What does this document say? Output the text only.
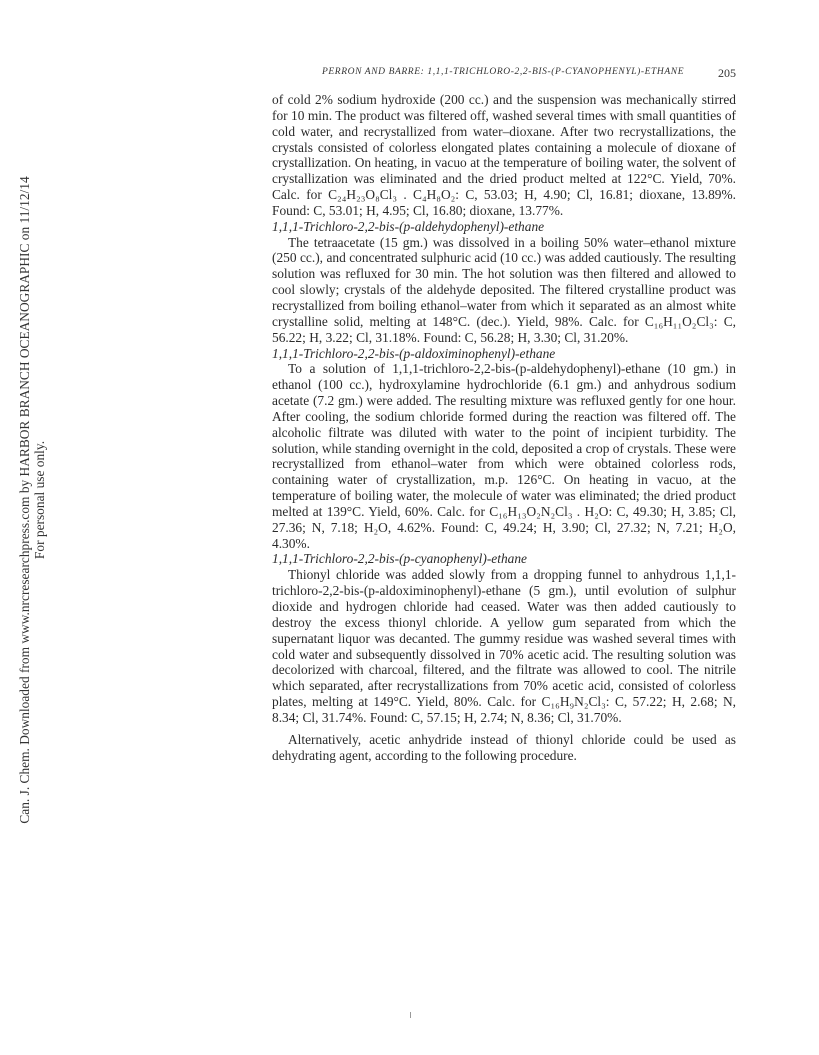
Can. J. Chem. Downloaded from www.nrcresearchpress.com by HARBOR BRANCH OCEANOGRAPHIC on 11/12/14 For personal use only.
PERRON AND BARRE: 1,1,1-TRICHLORO-2,2-BIS-(P-CYANOPHENYL)-ETHANE	205

of cold 2% sodium hydroxide (200 cc.) and the suspension was mechanically stirred for 10 min. The product was filtered off, washed several times with small quantities of cold water, and recrystallized from water–dioxane. After two recrystallizations, the crystals consisted of colorless elongated plates containing a molecule of dioxane of crystallization. On heating, in vacuo at the temperature of boiling water, the solvent of crystallization was eliminated and the dried product melted at 122°C. Yield, 70%. Calc. for C₂₄H₂₃O₈Cl₃ . C₄H₈O₂: C, 53.03; H, 4.90; Cl, 16.81; dioxane, 13.89%. Found: C, 53.01; H, 4.95; Cl, 16.80; dioxane, 13.77%.

1,1,1-Trichloro-2,2-bis-(p-aldehydophenyl)-ethane

The tetraacetate (15 gm.) was dissolved in a boiling 50% water–ethanol mixture (250 cc.), and concentrated sulphuric acid (10 cc.) was added cautiously. The resulting solution was refluxed for 30 min. The hot solution was then filtered and allowed to cool slowly; crystals of the aldehyde deposited. The filtered crystalline product was recrystallized from boiling ethanol–water from which it separated as an almost white crystalline solid, melting at 148°C. (dec.). Yield, 98%. Calc. for C₁₆H₁₁O₂Cl₃: C, 56.22; H, 3.22; Cl, 31.18%. Found: C, 56.28; H, 3.30; Cl, 31.20%.

1,1,1-Trichloro-2,2-bis-(p-aldoximinophenyl)-ethane

To a solution of 1,1,1-trichloro-2,2-bis-(p-aldehydophenyl)-ethane (10 gm.) in ethanol (100 cc.), hydroxylamine hydrochloride (6.1 gm.) and anhydrous sodium acetate (7.2 gm.) were added. The resulting mixture was refluxed gently for one hour. After cooling, the sodium chloride formed during the reaction was filtered off. The alcoholic filtrate was diluted with water to the point of incipient turbidity. The solution, while standing overnight in the cold, deposited a crop of crystals. These were recrystallized from ethanol–water from which were obtained colorless rods, containing water of crystallization, m.p. 126°C. On heating in vacuo, at the temperature of boiling water, the molecule of water was eliminated; the dried product melted at 139°C. Yield, 60%. Calc. for C₁₆H₁₃O₂N₂Cl₃ . H₂O: C, 49.30; H, 3.85; Cl, 27.36; N, 7.18; H₂O, 4.62%. Found: C, 49.24; H, 3.90; Cl, 27.32; N, 7.21; H₂O, 4.30%.

1,1,1-Trichloro-2,2-bis-(p-cyanophenyl)-ethane

Thionyl chloride was added slowly from a dropping funnel to anhydrous 1,1,1-trichloro-2,2-bis-(p-aldoximinophenyl)-ethane (5 gm.), until evolution of sulphur dioxide and hydrogen chloride had ceased. Water was then added cautiously to destroy the excess thionyl chloride. A yellow gum separated from which the supernatant liquor was decanted. The gummy residue was washed several times with cold water and subsequently dissolved in 70% acetic acid. The resulting solution was decolorized with charcoal, filtered, and the filtrate was allowed to cool. The nitrile which separated, after recrystallizations from 70% acetic acid, consisted of colorless plates, melting at 149°C. Yield, 80%. Calc. for C₁₆H₉N₂Cl₃: C, 57.22; H, 2.68; N, 8.34; Cl, 31.74%. Found: C, 57.15; H, 2.74; N, 8.36; Cl, 31.70%.

Alternatively, acetic anhydride instead of thionyl chloride could be used as dehydrating agent, according to the following procedure.
